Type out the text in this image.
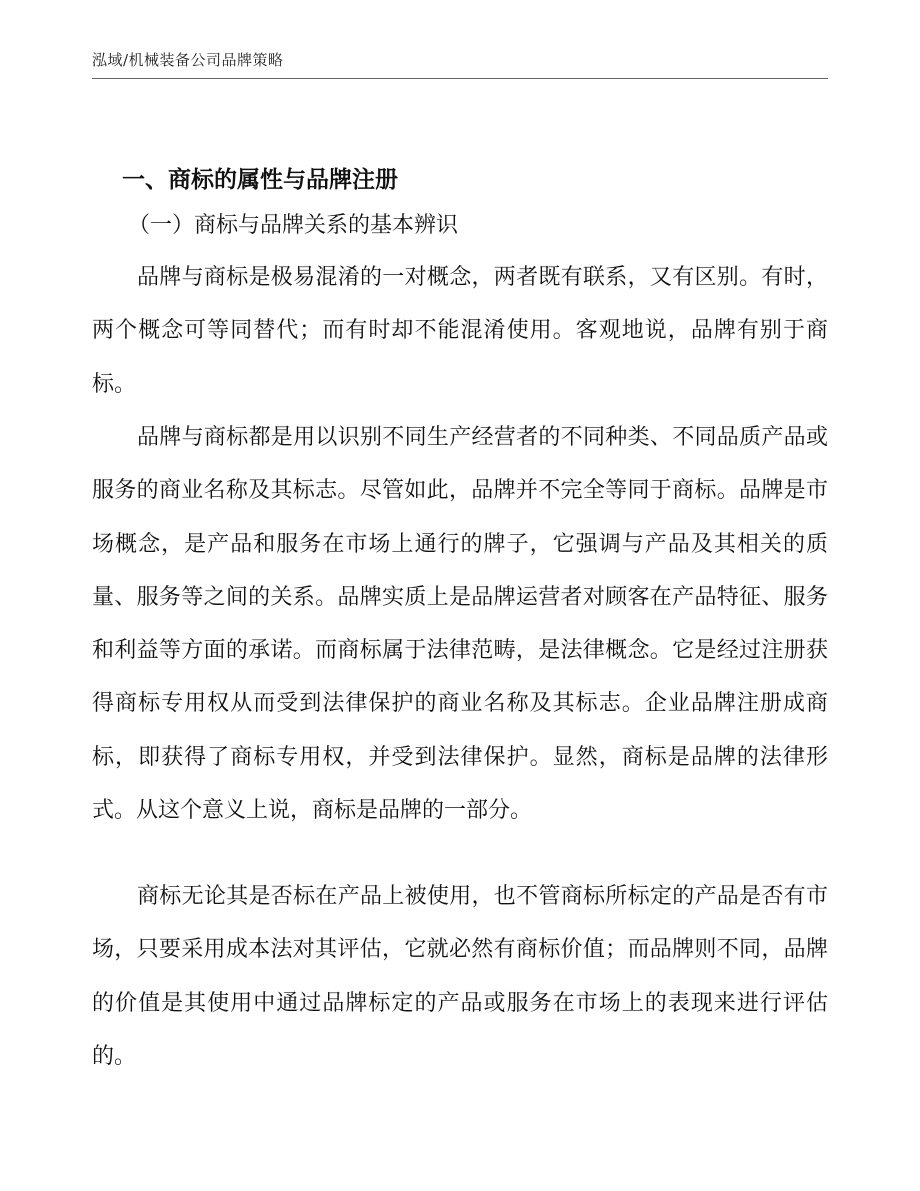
泓域/机械装备公司品牌策略
一、商标的属性与品牌注册
（一）商标与品牌关系的基本辨识

品牌与商标是极易混淆的一对概念，两者既有联系，又有区别。有时，两个概念可等同替代；而有时却不能混淆使用。客观地说，品牌有别于商标。

品牌与商标都是用以识别不同生产经营者的不同种类、不同品质产品或服务的商业名称及其标志。尽管如此，品牌并不完全等同于商标。品牌是市场概念，是产品和服务在市场上通行的牌子，它强调与产品及其相关的质量、服务等之间的关系。品牌实质上是品牌运营者对顾客在产品特征、服务和利益等方面的承诺。而商标属于法律范畴，是法律概念。它是经过注册获得商标专用权从而受到法律保护的商业名称及其标志。企业品牌注册成商标，即获得了商标专用权，并受到法律保护。显然，商标是品牌的法律形式。从这个意义上说，商标是品牌的一部分。

商标无论其是否标在产品上被使用，也不管商标所标定的产品是否有市场，只要采用成本法对其评估，它就必然有商标价值；而品牌则不同，品牌的价值是其使用中通过品牌标定的产品或服务在市场上的表现来进行评估的。
